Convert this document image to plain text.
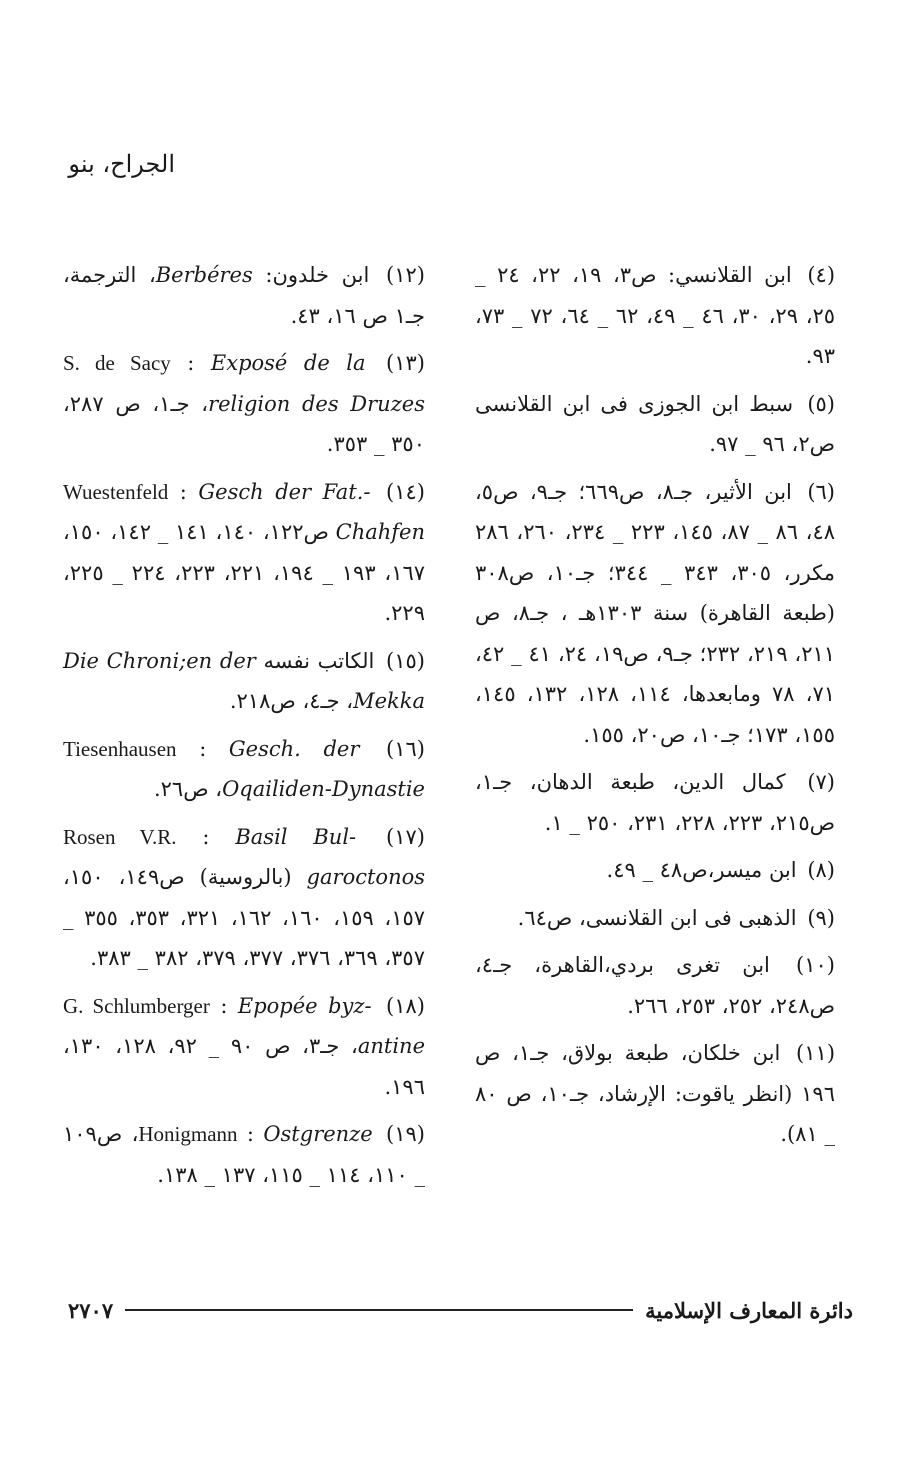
الجراح، بنو

(٤) ابن القلانسي: ص٣، ١٩، ٢٢، ٢٤ _ ٢٥، ٢٩، ٣٠، ٤٦ _ ٤٩، ٦٢ _ ٦٤، ٧٢ _ ٧٣، ٩٣.

(٥) سبط ابن الجوزى فى ابن القلانسى ص٢، ٩٦ _ ٩٧.

(٦) ابن الأثير، جـ٨، ص٦٦٩؛ جـ٩، ص٥، ٤٨، ٨٦ _ ٨٧، ١٤٥، ٢٢٣ _ ٢٣٤، ٢٦٠، ٢٨٦ مكرر، ٣٠٥، ٣٤٣ _ ٣٤٤؛ جـ١٠، ص٣٠٨ (طبعة القاهرة) سنة ١٣٠٣هـ ، جـ٨، ص ٢١١، ٢١٩، ٢٣٢؛ جـ٩، ص١٩، ٢٤، ٤١ _ ٤٢، ٧١، ٧٨ ومابعدها، ١١٤، ١٢٨، ١٣٢، ١٤٥، ١٥٥، ١٧٣؛ جـ١٠، ص٢٠، ١٥٥.

(٧) كمال الدين، طبعة الدهان، جـ١، ص٢١٥، ٢٢٣، ٢٢٨، ٢٣١، ٢٥٠ _ ١.

(٨) ابن ميسر،ص٤٨ _ ٤٩.

(٩) الذهبى فى ابن القلانسى، ص٦٤.

(١٠) ابن تغرى بردي،القاهرة، جـ٤، ص٢٤٨، ٢٥٢، ٢٥٣، ٢٦٦.

(١١) ابن خلكان، طبعة بولاق، جـ١، ص ١٩٦ (انظر ياقوت: الإرشاد، جـ١٠، ص ٨٠ _ ٨١).

(١٢) ابن خلدون: Berbéres، الترجمة، جـ١ ص ١٦، ٤٣.

(١٣) S. de Sacy : Exposé de la religion des Druzes، جـ١، ص ٢٨٧، ٣٥٠ _ ٣٥٣.

(١٤) Wuestenfeld : Gesch der Fat.- Chahfen ص١٢٢، ١٤٠، ١٤١ _ ١٤٢، ١٥٠، ١٦٧، ١٩٣ _ ١٩٤، ٢٢١، ٢٢٣، ٢٢٤ _ ٢٢٥، ٢٢٩.

(١٥) الكاتب نفسه Die Chroni;en der Mekka، جـ٤، ص٢١٨.

(١٦) Tiesenhausen : Gesch. der Oqailiden-Dynastie، ص٢٦.

(١٧) Rosen V.R. : Basil Bul- garoctonos (بالروسية) ص١٤٩، ١٥٠، ١٥٧، ١٥٩، ١٦٠، ١٦٢، ٣٢١، ٣٥٣، ٣٥٥ _ ٣٥٧، ٣٦٩، ٣٧٦، ٣٧٧، ٣٧٩، ٣٨٢ _ ٣٨٣.

(١٨) G. Schlumberger : Epopée byz- antine، جـ٣، ص ٩٠ _ ٩٢، ١٢٨، ١٣٠، ١٩٦.

(١٩) Honigmann : Ostgrenze، ص١٠٩ _ ١١٠، ١١٤ _ ١١٥، ١٣٧ _ ١٣٨.

٢٧٠٧	دائرة المعارف الإسلامية
